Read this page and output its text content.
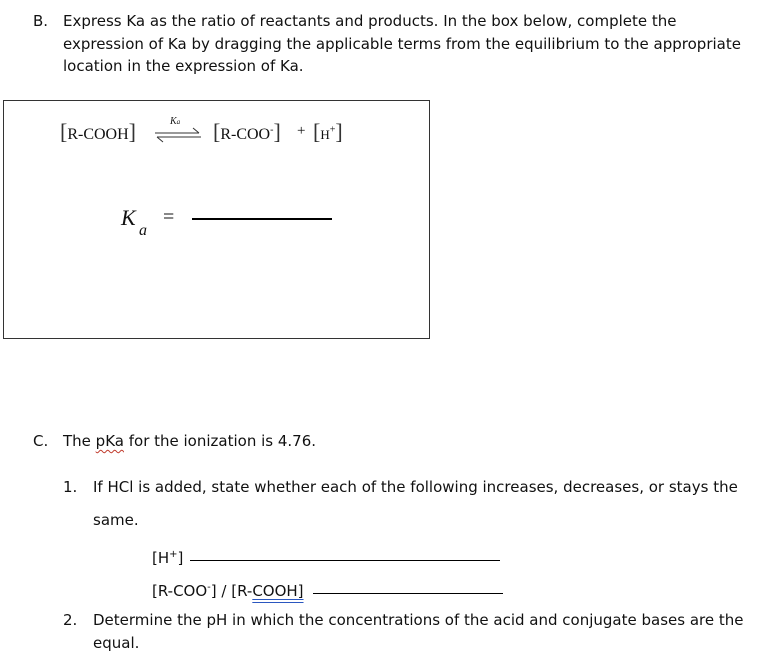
B. Express Ka as the ratio of reactants and products. In the box below, complete the
expression of Ka by dragging the applicable terms from the equilibrium to the appropriate
location in the expression of Ka.
[R-COOH] ⇌
Ka [R-COO-] + [H+]
K
a
=
C. The pKa for the ionization is 4.76.
1. If HCl is added, state whether each of the following increases, decreases, or stays the
same.
[H+]
[R-COO-] / [R-COOH]
2. Determine the pH in which the concentrations of the acid and conjugate bases are the
equal.
